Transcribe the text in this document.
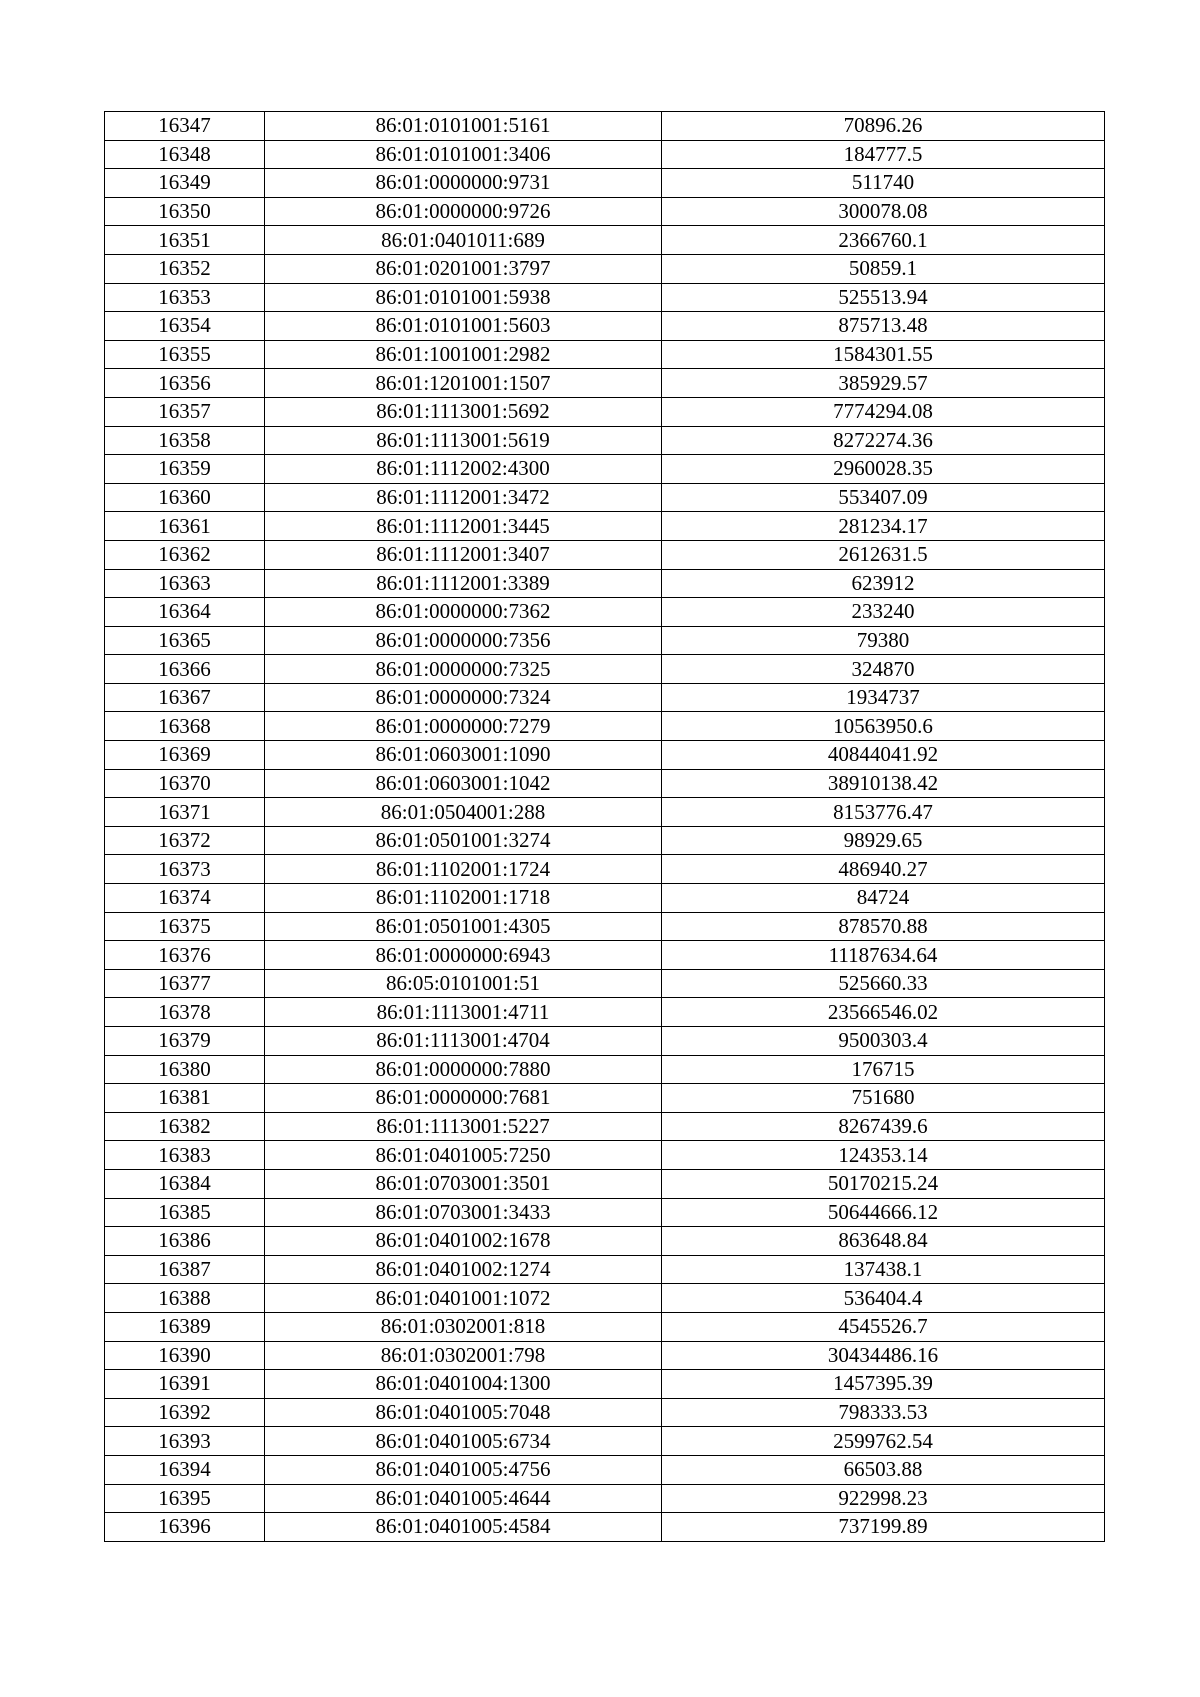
16347	86:01:0101001:5161	70896.26
16348	86:01:0101001:3406	184777.5
16349	86:01:0000000:9731	511740
16350	86:01:0000000:9726	300078.08
16351	86:01:0401011:689	2366760.1
16352	86:01:0201001:3797	50859.1
16353	86:01:0101001:5938	525513.94
16354	86:01:0101001:5603	875713.48
16355	86:01:1001001:2982	1584301.55
16356	86:01:1201001:1507	385929.57
16357	86:01:1113001:5692	7774294.08
16358	86:01:1113001:5619	8272274.36
16359	86:01:1112002:4300	2960028.35
16360	86:01:1112001:3472	553407.09
16361	86:01:1112001:3445	281234.17
16362	86:01:1112001:3407	2612631.5
16363	86:01:1112001:3389	623912
16364	86:01:0000000:7362	233240
16365	86:01:0000000:7356	79380
16366	86:01:0000000:7325	324870
16367	86:01:0000000:7324	1934737
16368	86:01:0000000:7279	10563950.6
16369	86:01:0603001:1090	40844041.92
16370	86:01:0603001:1042	38910138.42
16371	86:01:0504001:288	8153776.47
16372	86:01:0501001:3274	98929.65
16373	86:01:1102001:1724	486940.27
16374	86:01:1102001:1718	84724
16375	86:01:0501001:4305	878570.88
16376	86:01:0000000:6943	11187634.64
16377	86:05:0101001:51	525660.33
16378	86:01:1113001:4711	23566546.02
16379	86:01:1113001:4704	9500303.4
16380	86:01:0000000:7880	176715
16381	86:01:0000000:7681	751680
16382	86:01:1113001:5227	8267439.6
16383	86:01:0401005:7250	124353.14
16384	86:01:0703001:3501	50170215.24
16385	86:01:0703001:3433	50644666.12
16386	86:01:0401002:1678	863648.84
16387	86:01:0401002:1274	137438.1
16388	86:01:0401001:1072	536404.4
16389	86:01:0302001:818	4545526.7
16390	86:01:0302001:798	30434486.16
16391	86:01:0401004:1300	1457395.39
16392	86:01:0401005:7048	798333.53
16393	86:01:0401005:6734	2599762.54
16394	86:01:0401005:4756	66503.88
16395	86:01:0401005:4644	922998.23
16396	86:01:0401005:4584	737199.89
